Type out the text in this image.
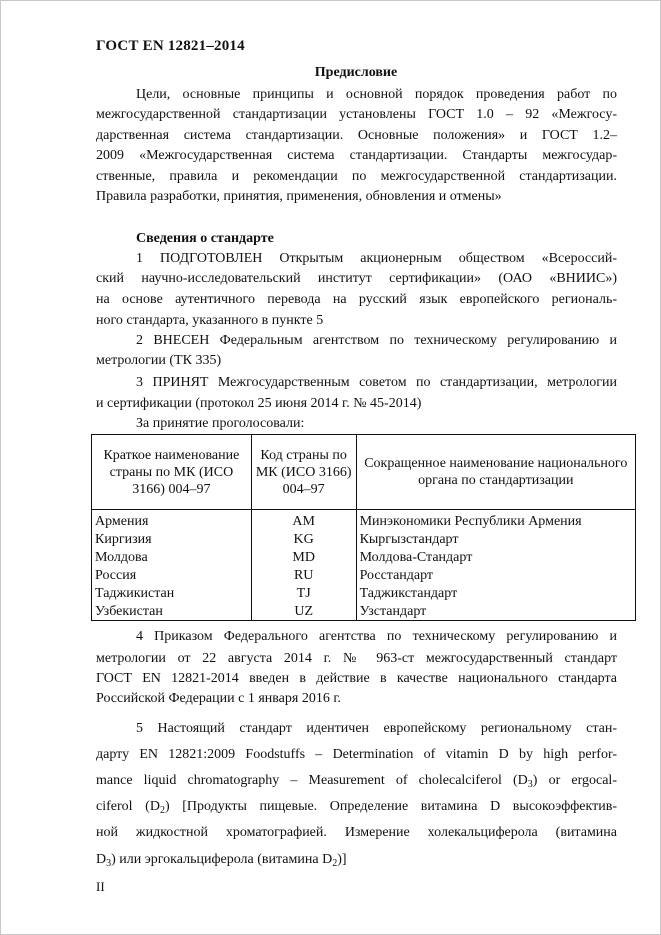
ГОСТ EN 12821–2014
Предисловие
Цели, основные принципы и основной порядок проведения работ по
межгосударственной стандартизации установлены ГОСТ 1.0 – 92 «Межгосу-
дарственная система стандартизации. Основные положения» и ГОСТ 1.2–
2009 «Межгосударственная система стандартизации. Стандарты межгосудар-
ственные, правила и рекомендации по межгосударственной стандартизации.
Правила разработки, принятия, применения, обновления и отмены»
Сведения о стандарте
1 ПОДГОТОВЛЕН Открытым акционерным обществом «Всероссий-
ский научно-исследовательский институт сертификации» (ОАО «ВНИИС»)
на основе аутентичного перевода на русский язык европейского региональ-
ного стандарта, указанного в пункте 5
2 ВНЕСЕН Федеральным агентством по техническому регулированию и
метрологии (ТК 335)
3 ПРИНЯТ Межгосударственным советом по стандартизации, метрологии
и сертификации (протокол 25 июня 2014 г. № 45-2014)
За принятие проголосовали:
Краткое наименование страны по МК (ИСО 3166) 004–97	Код страны по МК (ИСО 3166) 004–97	Сокращенное наименование национального органа по стандартизации
Армения	AM	Минэкономики Республики Армения
Киргизия	KG	Кыргызстандарт
Молдова	MD	Молдова-Стандарт
Россия	RU	Росстандарт
Таджикистан	TJ	Таджикстандарт
Узбекистан	UZ	Узстандарт
4 Приказом Федерального агентства по техническому регулированию и
метрологии от 22 августа 2014 г. № 963-ст межгосударственный стандарт
ГОСТ EN 12821-2014 введен в действие в качестве национального стандарта
Российской Федерации с 1 января 2016 г.
5 Настоящий стандарт идентичен европейскому региональному стан-
дарту EN 12821:2009 Foodstuffs – Determination of vitamin D by high perfor-
mance liquid chromatography – Measurement of cholecalciferol $(D_3)$ or ergocal-
ciferol $(D_2)$ [Продукты пищевые. Определение витамина D высокоэффектив-
ной жидкостной хроматографией. Измерение холекальциферола (витамина
$D_3$) или эргокальциферола (витамина $D_2$)]
II
